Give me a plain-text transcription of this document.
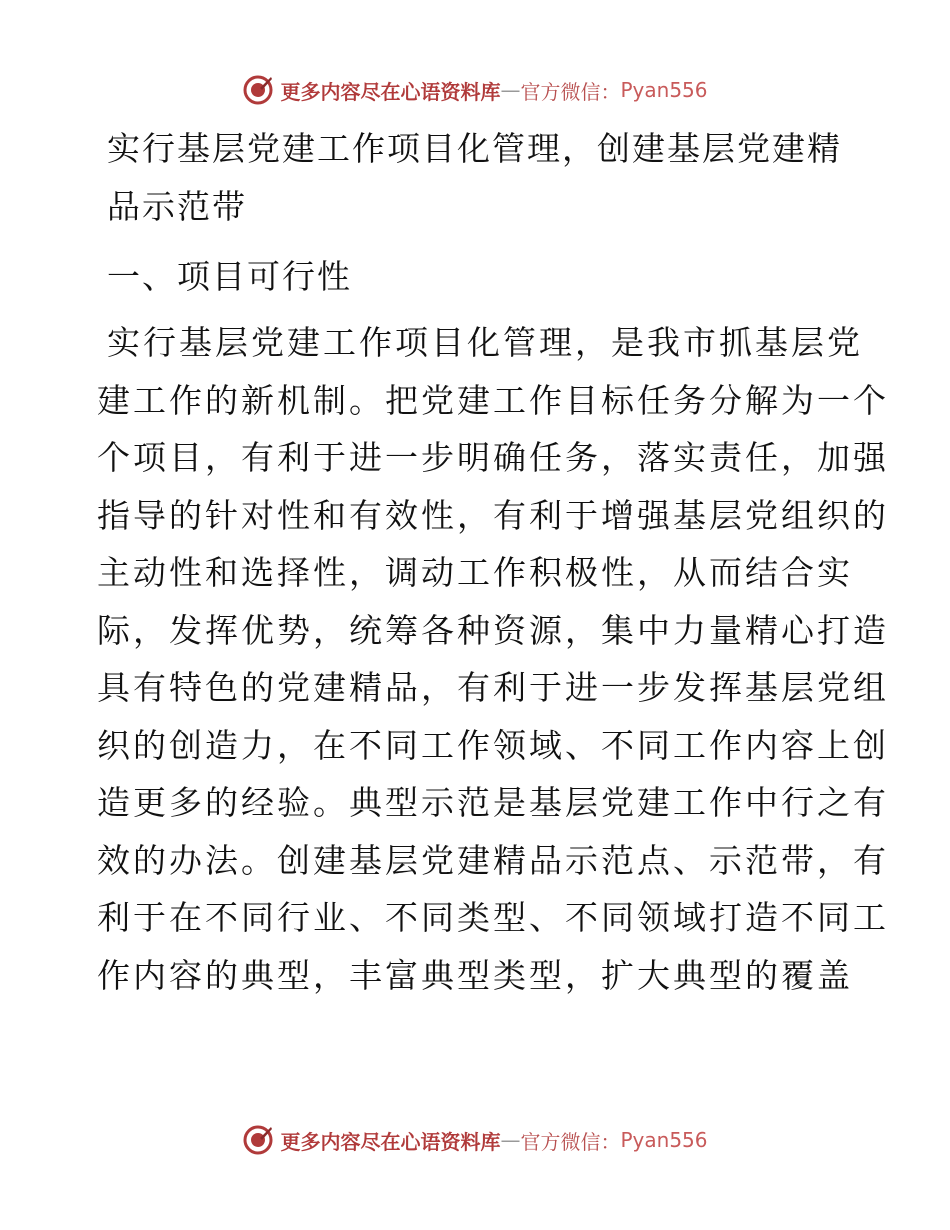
更多内容尽在心语资料库 — 官方微信： Pyan556
实行基层党建工作项目化管理，创建基层党建精
品示范带
一、项目可行性

实行基层党建工作项目化管理，是我市抓基层党
建工作的新机制。把党建工作目标任务分解为一个
个项目，有利于进一步明确任务，落实责任，加强
指导的针对性和有效性，有利于增强基层党组织的
主动性和选择性，调动工作积极性，从而结合实
际，发挥优势，统筹各种资源，集中力量精心打造
具有特色的党建精品，有利于进一步发挥基层党组
织的创造力，在不同工作领域、不同工作内容上创
造更多的经验。典型示范是基层党建工作中行之有
效的办法。创建基层党建精品示范点、示范带，有
利于在不同行业、不同类型、不同领域打造不同工
作内容的典型，丰富典型类型，扩大典型的覆盖

更多内容尽在心语资料库 — 官方微信： Pyan556
